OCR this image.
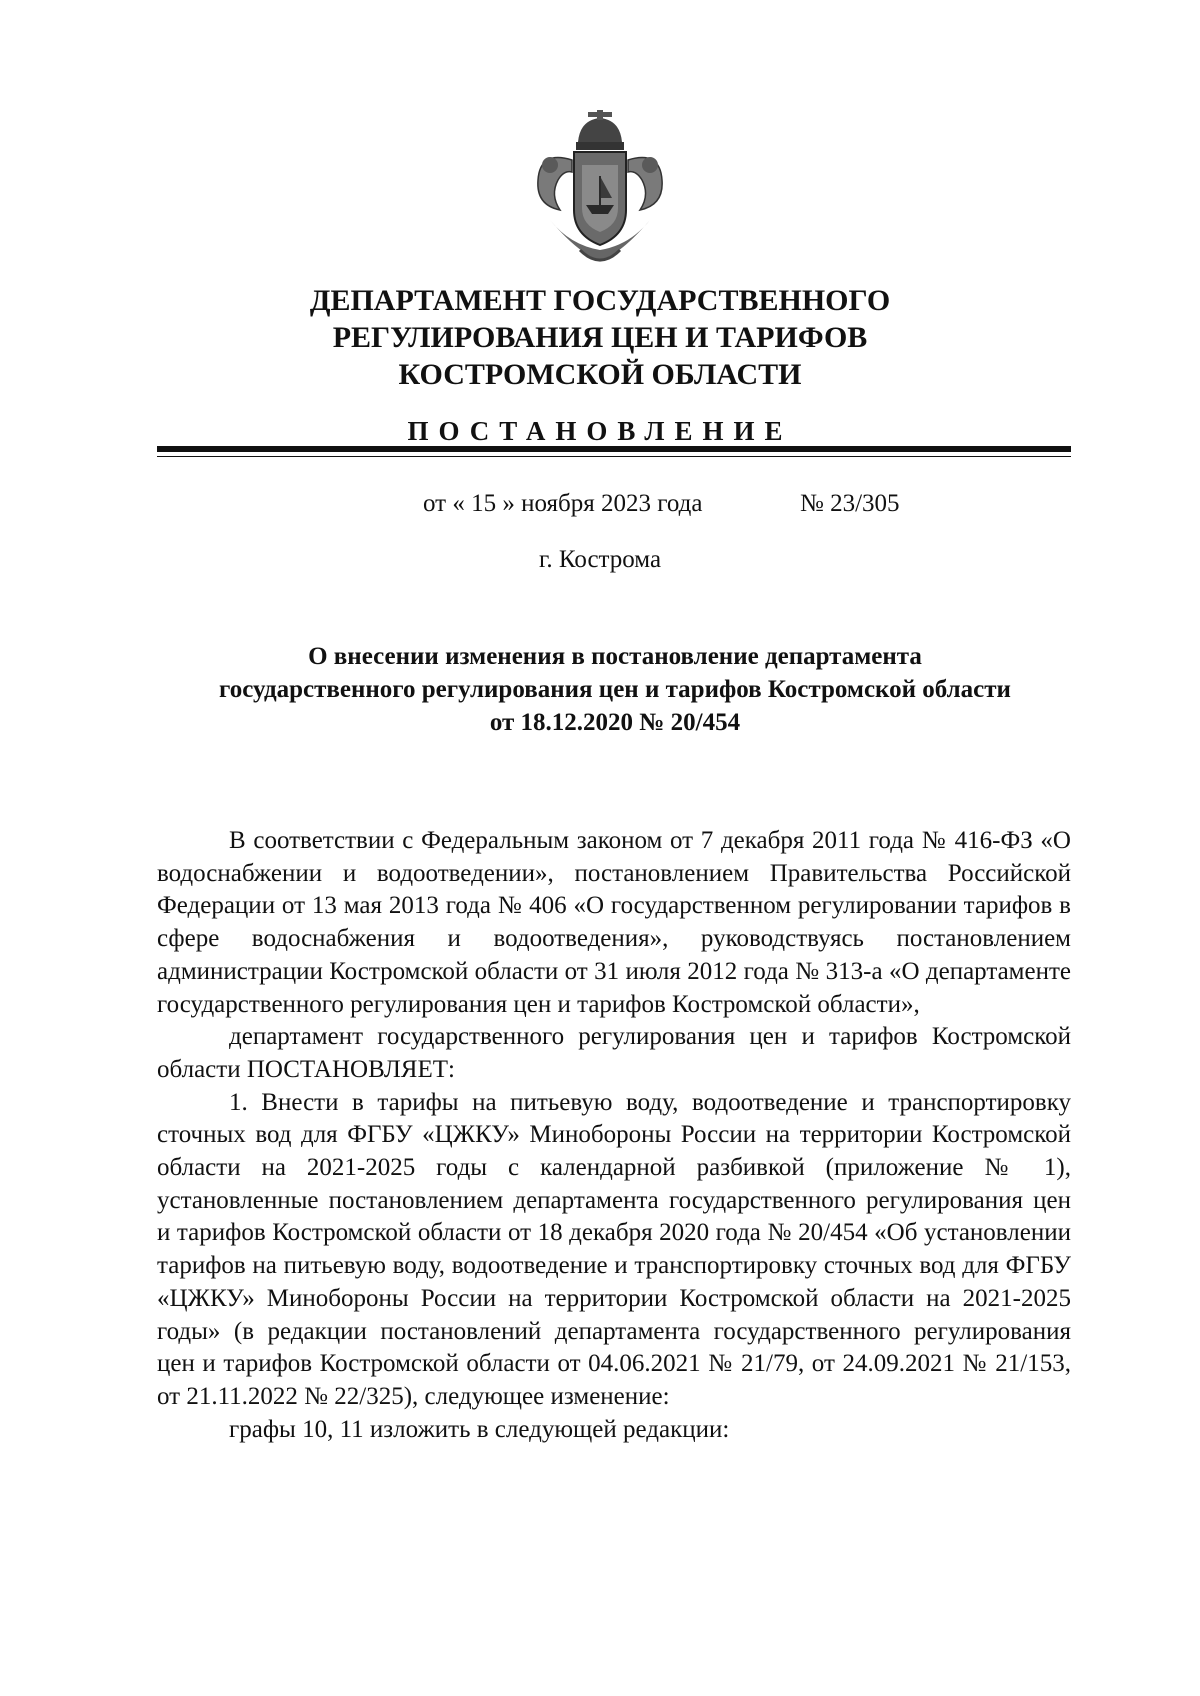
ДЕПАРТАМЕНТ ГОСУДАРСТВЕННОГО
РЕГУЛИРОВАНИЯ ЦЕН И ТАРИФОВ
КОСТРОМСКОЙ ОБЛАСТИ
ПОСТАНОВЛЕНИЕ
от « 15 » ноября 2023 года	№ 23/305
г. Кострома
О внесении изменения в постановление департамента
государственного регулирования цен и тарифов Костромской области
от 18.12.2020 № 20/454

В соответствии с Федеральным законом от 7 декабря 2011 года № 416-ФЗ «О водоснабжении и водоотведении», постановлением Правительства Российской Федерации от 13 мая 2013 года № 406 «О государственном регулировании тарифов в сфере водоснабжения и водоотведения», руководствуясь постановлением администрации Костромской области от 31 июля 2012 года № 313-а «О департаменте государственного регулирования цен и тарифов Костромской области»,

департамент государственного регулирования цен и тарифов Костромской области ПОСТАНОВЛЯЕТ:

1. Внести в тарифы на питьевую воду, водоотведение и транспортировку сточных вод для ФГБУ «ЦЖКУ» Минобороны России на территории Костромской области на 2021-2025 годы с календарной разбивкой (приложение № 1), установленные постановлением департамента государственного регулирования цен и тарифов Костромской области от 18 декабря 2020 года № 20/454 «Об установлении тарифов на питьевую воду, водоотведение и транспортировку сточных вод для ФГБУ «ЦЖКУ» Минобороны России на территории Костромской области на 2021-2025 годы» (в редакции постановлений департамента государственного регулирования цен и тарифов Костромской области от 04.06.2021 № 21/79, от 24.09.2021 № 21/153, от 21.11.2022 № 22/325), следующее изменение:

графы 10, 11 изложить в следующей редакции:
